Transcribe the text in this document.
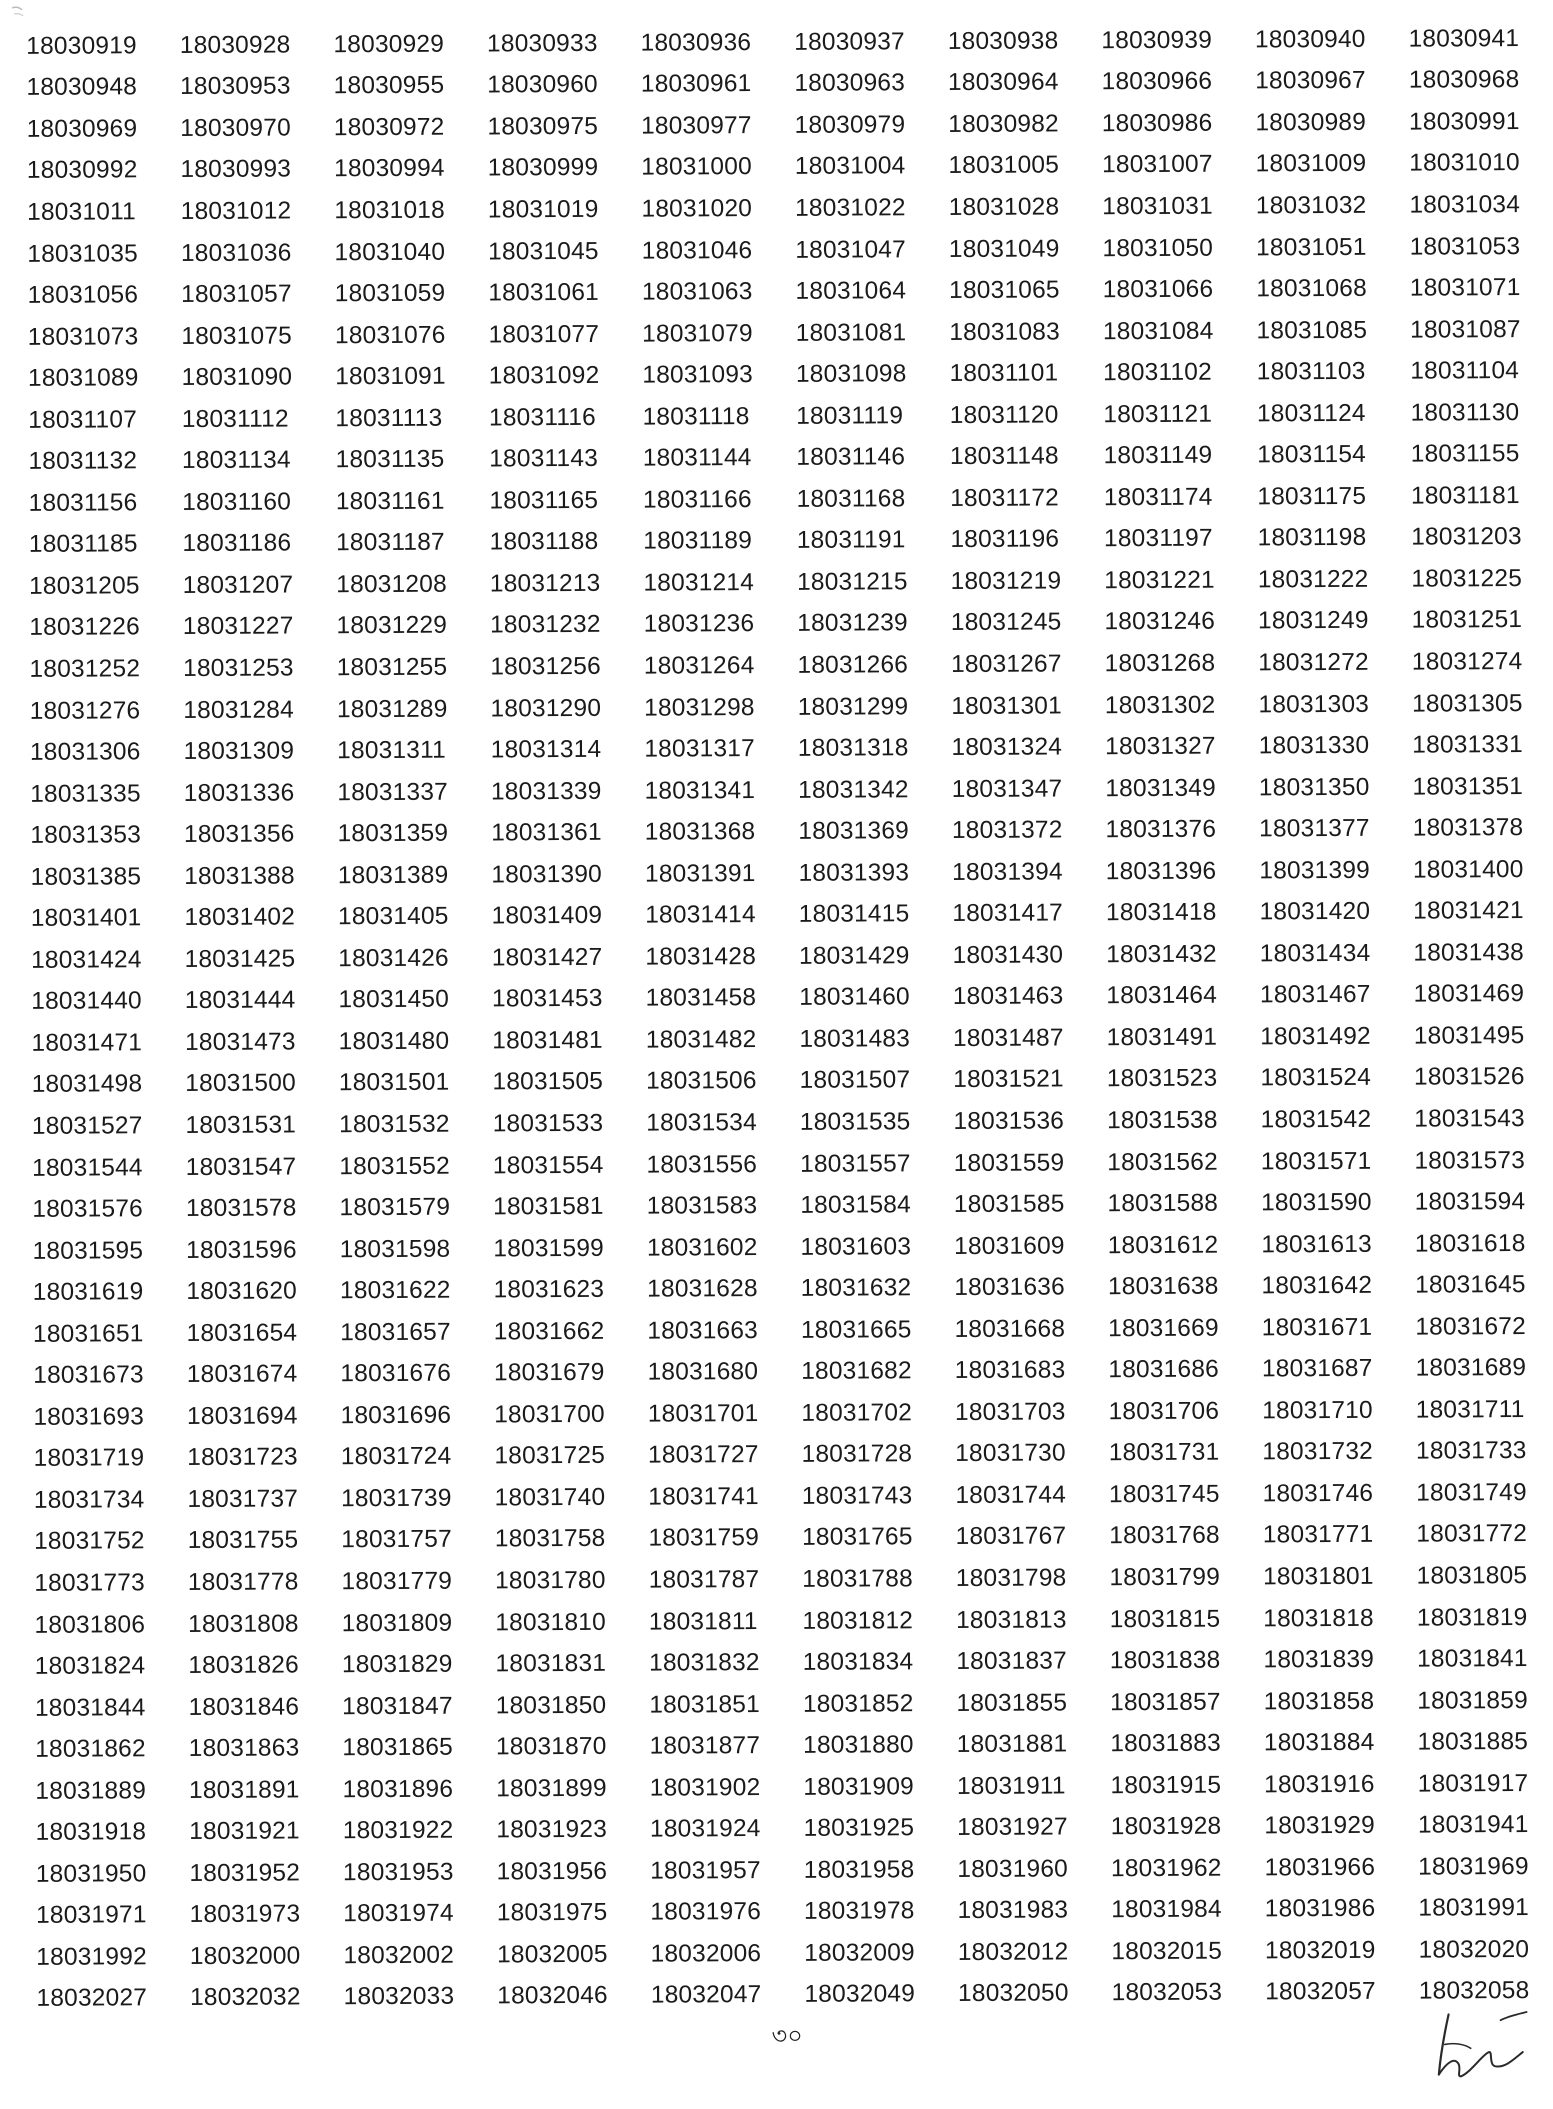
18030919	18030928	18030929	18030933	18030936	18030937	18030938	18030939	18030940	18030941
18030948	18030953	18030955	18030960	18030961	18030963	18030964	18030966	18030967	18030968
18030969	18030970	18030972	18030975	18030977	18030979	18030982	18030986	18030989	18030991
18030992	18030993	18030994	18030999	18031000	18031004	18031005	18031007	18031009	18031010
18031011	18031012	18031018	18031019	18031020	18031022	18031028	18031031	18031032	18031034
18031035	18031036	18031040	18031045	18031046	18031047	18031049	18031050	18031051	18031053
18031056	18031057	18031059	18031061	18031063	18031064	18031065	18031066	18031068	18031071
18031073	18031075	18031076	18031077	18031079	18031081	18031083	18031084	18031085	18031087
18031089	18031090	18031091	18031092	18031093	18031098	18031101	18031102	18031103	18031104
18031107	18031112	18031113	18031116	18031118	18031119	18031120	18031121	18031124	18031130
18031132	18031134	18031135	18031143	18031144	18031146	18031148	18031149	18031154	18031155
18031156	18031160	18031161	18031165	18031166	18031168	18031172	18031174	18031175	18031181
18031185	18031186	18031187	18031188	18031189	18031191	18031196	18031197	18031198	18031203
18031205	18031207	18031208	18031213	18031214	18031215	18031219	18031221	18031222	18031225
18031226	18031227	18031229	18031232	18031236	18031239	18031245	18031246	18031249	18031251
18031252	18031253	18031255	18031256	18031264	18031266	18031267	18031268	18031272	18031274
18031276	18031284	18031289	18031290	18031298	18031299	18031301	18031302	18031303	18031305
18031306	18031309	18031311	18031314	18031317	18031318	18031324	18031327	18031330	18031331
18031335	18031336	18031337	18031339	18031341	18031342	18031347	18031349	18031350	18031351
18031353	18031356	18031359	18031361	18031368	18031369	18031372	18031376	18031377	18031378
18031385	18031388	18031389	18031390	18031391	18031393	18031394	18031396	18031399	18031400
18031401	18031402	18031405	18031409	18031414	18031415	18031417	18031418	18031420	18031421
18031424	18031425	18031426	18031427	18031428	18031429	18031430	18031432	18031434	18031438
18031440	18031444	18031450	18031453	18031458	18031460	18031463	18031464	18031467	18031469
18031471	18031473	18031480	18031481	18031482	18031483	18031487	18031491	18031492	18031495
18031498	18031500	18031501	18031505	18031506	18031507	18031521	18031523	18031524	18031526
18031527	18031531	18031532	18031533	18031534	18031535	18031536	18031538	18031542	18031543
18031544	18031547	18031552	18031554	18031556	18031557	18031559	18031562	18031571	18031573
18031576	18031578	18031579	18031581	18031583	18031584	18031585	18031588	18031590	18031594
18031595	18031596	18031598	18031599	18031602	18031603	18031609	18031612	18031613	18031618
18031619	18031620	18031622	18031623	18031628	18031632	18031636	18031638	18031642	18031645
18031651	18031654	18031657	18031662	18031663	18031665	18031668	18031669	18031671	18031672
18031673	18031674	18031676	18031679	18031680	18031682	18031683	18031686	18031687	18031689
18031693	18031694	18031696	18031700	18031701	18031702	18031703	18031706	18031710	18031711
18031719	18031723	18031724	18031725	18031727	18031728	18031730	18031731	18031732	18031733
18031734	18031737	18031739	18031740	18031741	18031743	18031744	18031745	18031746	18031749
18031752	18031755	18031757	18031758	18031759	18031765	18031767	18031768	18031771	18031772
18031773	18031778	18031779	18031780	18031787	18031788	18031798	18031799	18031801	18031805
18031806	18031808	18031809	18031810	18031811	18031812	18031813	18031815	18031818	18031819
18031824	18031826	18031829	18031831	18031832	18031834	18031837	18031838	18031839	18031841
18031844	18031846	18031847	18031850	18031851	18031852	18031855	18031857	18031858	18031859
18031862	18031863	18031865	18031870	18031877	18031880	18031881	18031883	18031884	18031885
18031889	18031891	18031896	18031899	18031902	18031909	18031911	18031915	18031916	18031917
18031918	18031921	18031922	18031923	18031924	18031925	18031927	18031928	18031929	18031941
18031950	18031952	18031953	18031956	18031957	18031958	18031960	18031962	18031966	18031969
18031971	18031973	18031974	18031975	18031976	18031978	18031983	18031984	18031986	18031991
18031992	18032000	18032002	18032005	18032006	18032009	18032012	18032015	18032019	18032020
18032027	18032032	18032033	18032046	18032047	18032049	18032050	18032053	18032057	18032058
৩০
